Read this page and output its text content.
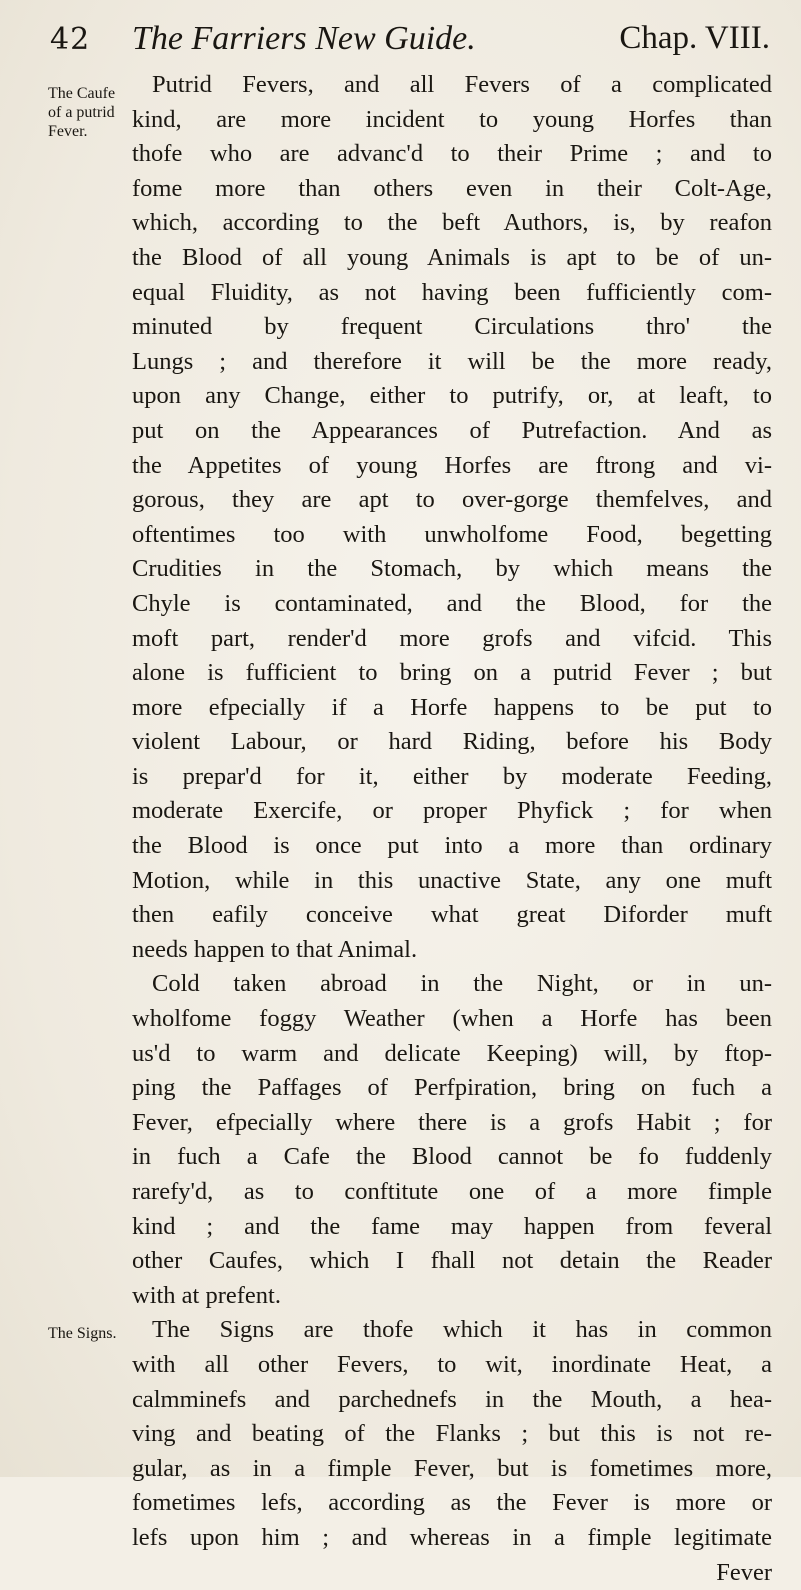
42 The Farriers New Guide.	Chap. VIII.
The Caufe
of a putrid
Fever.
The Signs.
Putrid Fevers, and all Fevers of a complicated
kind, are more incident to young Horfes than
thofe who are advanc'd to their Prime ; and to
fome more than others even in their Colt-Age,
which, according to the beft Authors, is, by reafon
the Blood of all young Animals is apt to be of un-
equal Fluidity, as not having been fufficiently com-
minuted by frequent Circulations thro' the
Lungs ; and therefore it will be the more ready,
upon any Change, either to putrify, or, at leaft, to
put on the Appearances of Putrefaction. And as
the Appetites of young Horfes are ftrong and vi-
gorous, they are apt to over-gorge themfelves, and
oftentimes too with unwholfome Food, begetting
Crudities in the Stomach, by which means the
Chyle is contaminated, and the Blood, for the
moft part, render'd more grofs and vifcid. This
alone is fufficient to bring on a putrid Fever ; but
more efpecially if a Horfe happens to be put to
violent Labour, or hard Riding, before his Body
is prepar'd for it, either by moderate Feeding,
moderate Exercife, or proper Phyfick ; for when
the Blood is once put into a more than ordinary
Motion, while in this unactive State, any one muft
then eafily conceive what great Diforder muft
needs happen to that Animal.
Cold taken abroad in the Night, or in un-
wholfome foggy Weather (when a Horfe has been
us'd to warm and delicate Keeping) will, by ftop-
ping the Paffages of Perfpiration, bring on fuch a
Fever, efpecially where there is a grofs Habit ; for
in fuch a Cafe the Blood cannot be fo fuddenly
rarefy'd, as to conftitute one of a more fimple
kind ; and the fame may happen from feveral
other Caufes, which I fhall not detain the Reader
with at prefent.
The Signs are thofe which it has in common
with all other Fevers, to wit, inordinate Heat, a
calmminefs and parchednefs in the Mouth, a hea-
ving and beating of the Flanks ; but this is not re-
gular, as in a fimple Fever, but is fometimes more,
fometimes lefs, according as the Fever is more or
lefs upon him ; and whereas in a fimple legitimate
Fever
